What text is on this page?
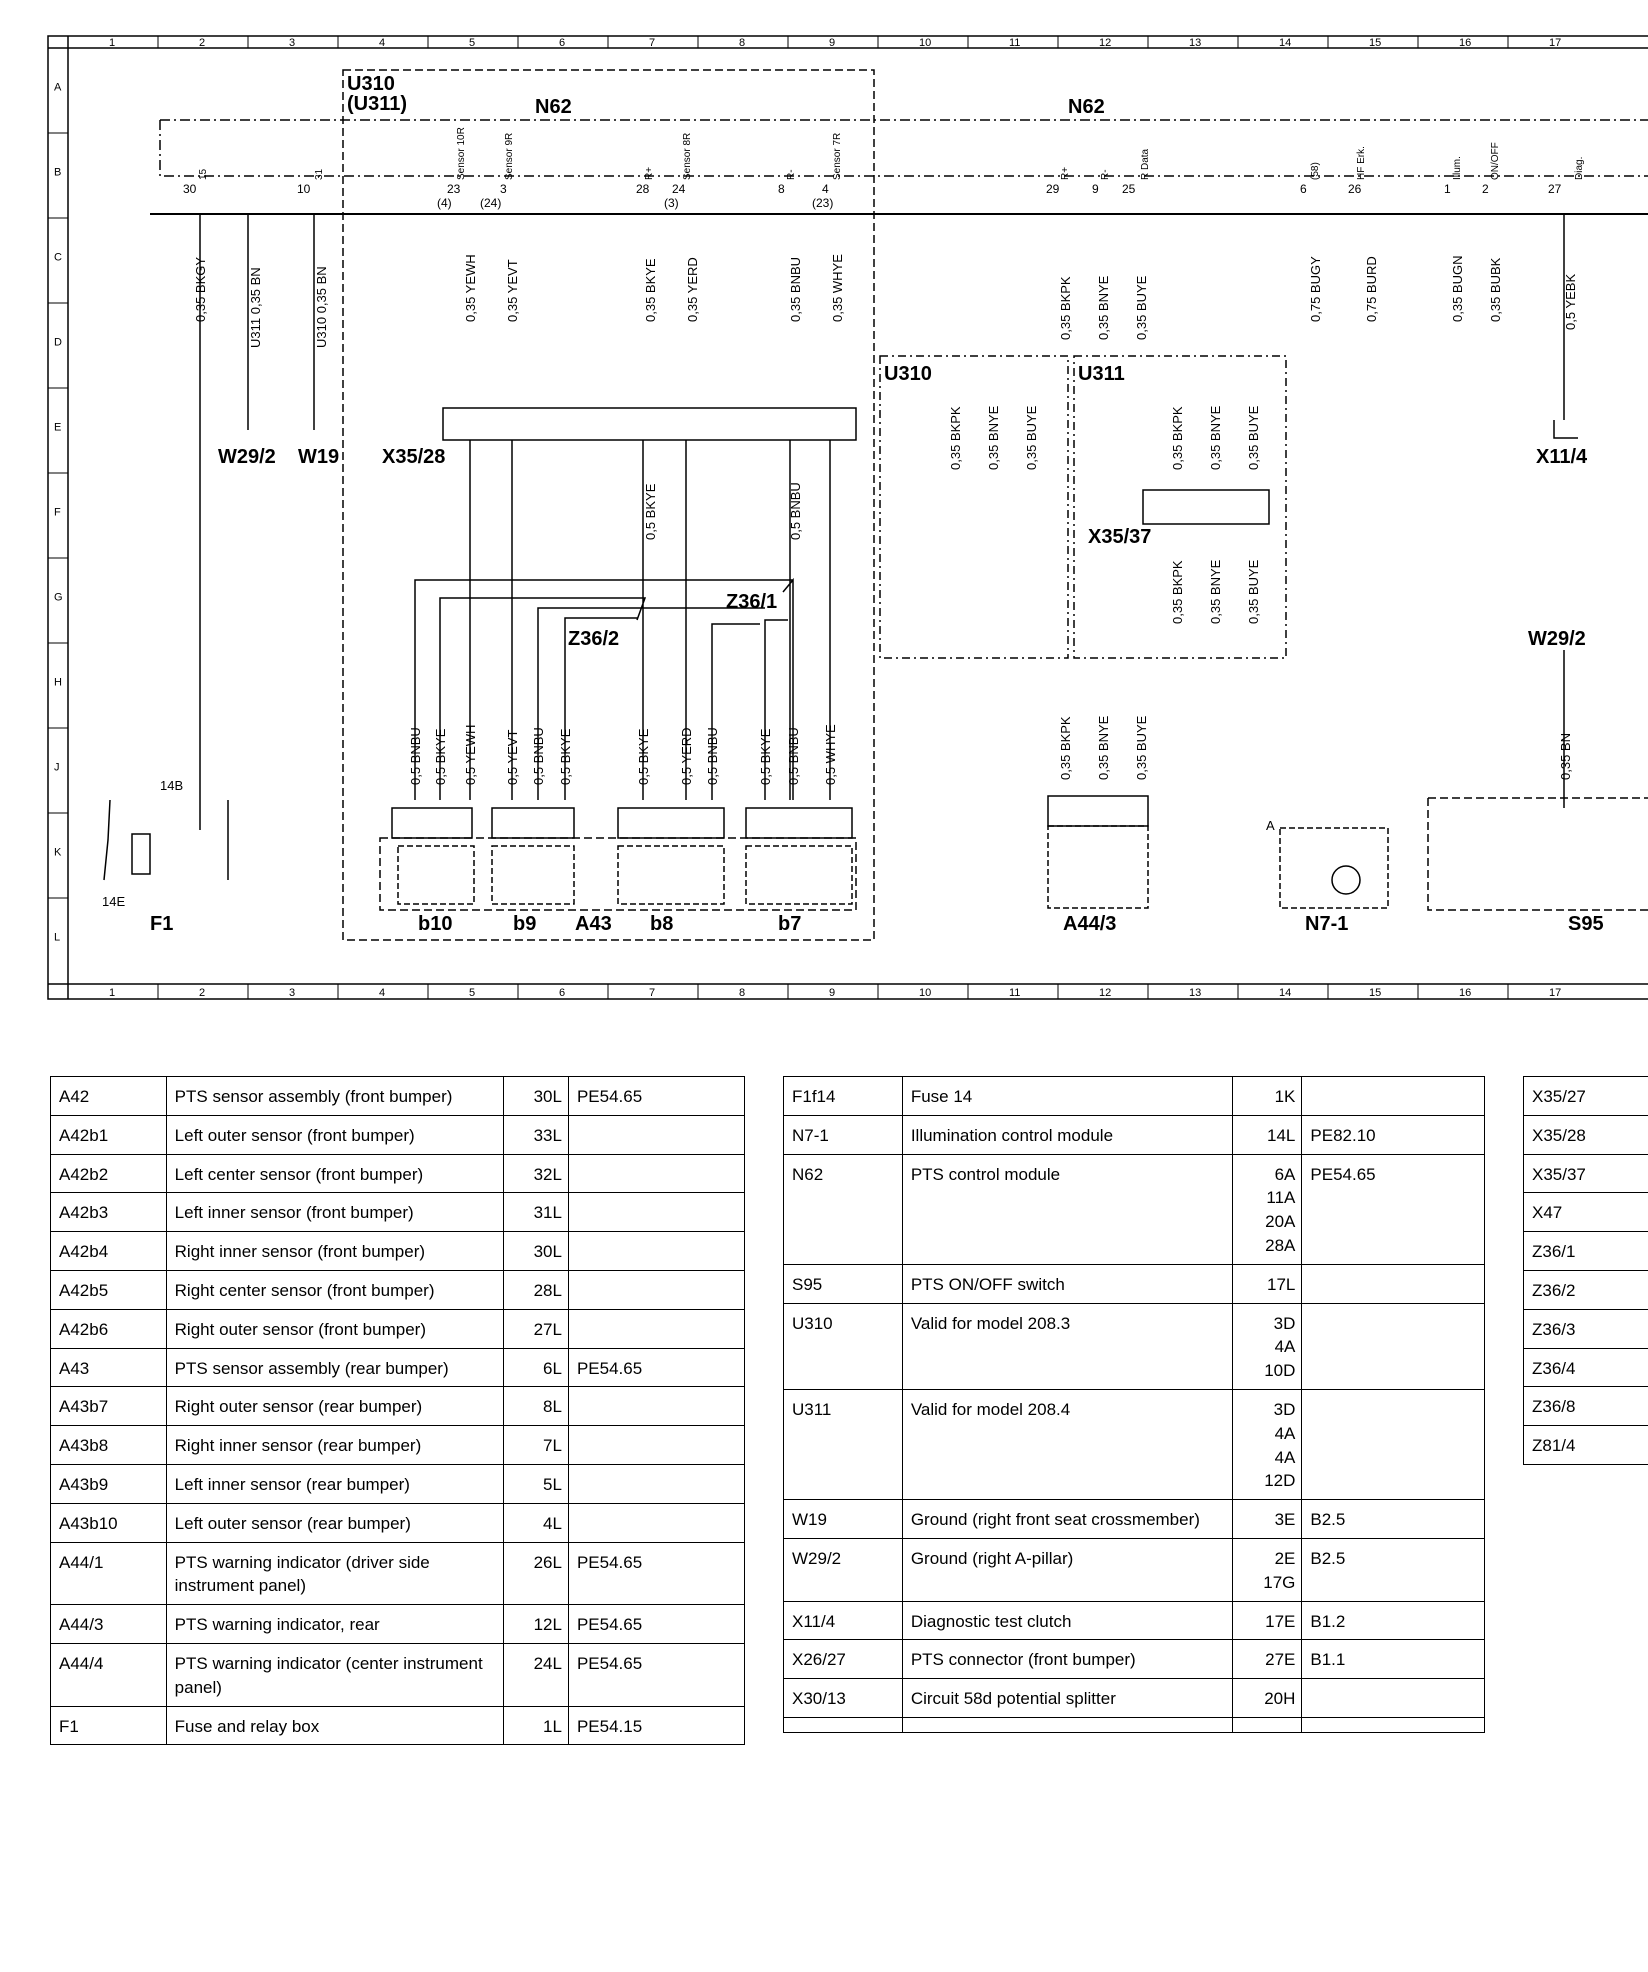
1
1
2
2
3
3
4
4
5
5
6
6
7
7
8
8
9
9
10
10
11
11
12
12
13
13
14
14
15
15
16
16
17
17
A
B
C
D
E
F
G
H
J
K
L
U310
(U311)	N62	N62
W29/2 W19 X35/28
X35/37
X11/4
Z36/1
Z36/2	W29/2
F1
14B
14E
b10	b9 A43 b8	b7	A44/3	N7-1
A
S95
U310	U311
0,35 BKGY	U311 0,35 BN	U310 0,35 BN	0,35 YEWH 0,35 YEVT	0,35 BKYE 0,35 YERD	0,35 BNBU 0,35 WHYE	0,35 BKPK 0,35 BNYE 0,35 BUYE	0,75 BUGY	0,75 BURD	0,35 BUGN 0,35 BUBK	0,5 YEBK
0,5 BKYE	0,5 BNBU
0,35 BN
0,35 BKPK 0,35 BNYE 0,35 BUYE	0,35 BKPK 0,35 BNYE 0,35 BUYE
0,35 BKPK 0,35 BNYE 0,35 BUYE
0,35 BKPK 0,35 BNYE 0,35 BUYE
0,5 BNBU 0,5 BKYE 0,5 YEWH 0,5 YEVT 0,5 BNBU 0,5 BKYE	0,5 BKYE 0,5 YERD 0,5 BNBU	0,5 BKYE 0,5 BNBU 0,5 WHYE
30	10	23	3	28 24	8	4	29	9 25	6	26	1	2	27
(4) (24)	(3)	(23)
15	31	Sensor 10R	Sensor 9R	R+	Sensor 8R	R-	Sensor 7R	R+	R-	R Data	(58)	HF Erk.	Illum.	ON/OFF	Diag.
A42	PTS sensor assembly (front bumper)	30L	PE54.65
A42b1	Left outer sensor (front bumper)	33L	
A42b2	Left center sensor (front bumper)	32L	
A42b3	Left inner sensor (front bumper)	31L	
A42b4	Right inner sensor (front bumper)	30L	
A42b5	Right center sensor (front bumper)	28L	
A42b6	Right outer sensor (front bumper)	27L	
A43	PTS sensor assembly (rear bumper)	6L	PE54.65
A43b7	Right outer sensor (rear bumper)	8L	
A43b8	Right inner sensor (rear bumper)	7L	
A43b9	Left inner sensor (rear bumper)	5L	
A43b10	Left outer sensor (rear bumper)	4L	
A44/1	PTS warning indicator (driver side instrument panel)	26L	PE54.65
A44/3	PTS warning indicator, rear	12L	PE54.65
A44/4	PTS warning indicator (center instrument panel)	24L	PE54.65
F1	Fuse and relay box	1L	PE54.15
F1f14	Fuse 14	1K	
N7-1	Illumination control module	14L	PE82.10
N62	PTS control module	6A
11A
20A
28A	PE54.65
S95	PTS ON/OFF switch	17L	
U310	Valid for model 208.3	3D
4A
10D	
U311	Valid for model 208.4	3D
4A
4A
12D	
W19	Ground (right front seat crossmember)	3E	B2.5
W29/2	Ground (right A-pillar)	2E
17G	B2.5
X11/4	Diagnostic test clutch	17E	B1.2
X26/27	PTS connector (front bumper)	27E	B1.1
X30/13	Circuit 58d potential splitter	20H	

X35/27
X35/28
X35/37
X47
Z36/1
Z36/2
Z36/3
Z36/4
Z36/8
Z81/4
